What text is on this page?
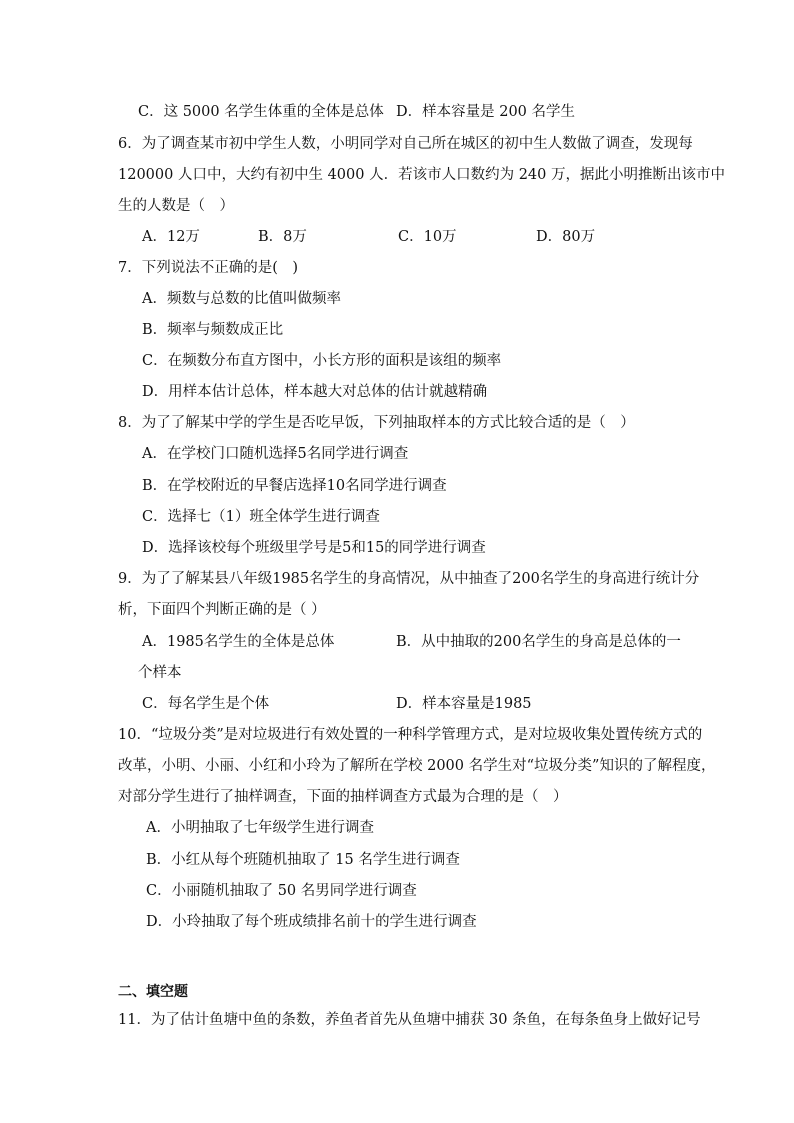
C．这 5000 名学生体重的全体是总体 D．样本容量是 200 名学生
6．为了调查某市初中学生人数，小明同学对自己所在城区的初中生人数做了调查，发现每
120000 人口中，大约有初中生 4000 人．若该市人口数约为 240 万，据此小明推断出该市中
生的人数是（　）
A．12万	B．8万	C．10万	D．80万
7．下列说法不正确的是(　)
A．频数与总数的比值叫做频率
B．频率与频数成正比
C．在频数分布直方图中，小长方形的面积是该组的频率
D．用样本估计总体，样本越大对总体的估计就越精确
8．为了了解某中学的学生是否吃早饭，下列抽取样本的方式比较合适的是（　）
A．在学校门口随机选择5名同学进行调查
B．在学校附近的早餐店选择10名同学进行调查
C．选择七（1）班全体学生进行调查
D．选择该校每个班级里学号是5和15的同学进行调查
9．为了了解某县八年级1985名学生的身高情况，从中抽查了200名学生的身高进行统计分
析，下面四个判断正确的是（ ）
A．1985名学生的全体是总体	B．从中抽取的200名学生的身高是总体的一
个样本
C．每名学生是个体	D．样本容量是1985
10．“垃圾分类”是对垃圾进行有效处置的一种科学管理方式，是对垃圾收集处置传统方式的
改革，小明、小丽、小红和小玲为了解所在学校 2000 名学生对“垃圾分类”知识的了解程度，
对部分学生进行了抽样调查，下面的抽样调查方式最为合理的是（　）
A．小明抽取了七年级学生进行调查
B．小红从每个班随机抽取了 15 名学生进行调查
C．小丽随机抽取了 50 名男同学进行调查
D．小玲抽取了每个班成绩排名前十的学生进行调查
二、填空题
11．为了估计鱼塘中鱼的条数，养鱼者首先从鱼塘中捕获 30 条鱼，在每条鱼身上做好记号
